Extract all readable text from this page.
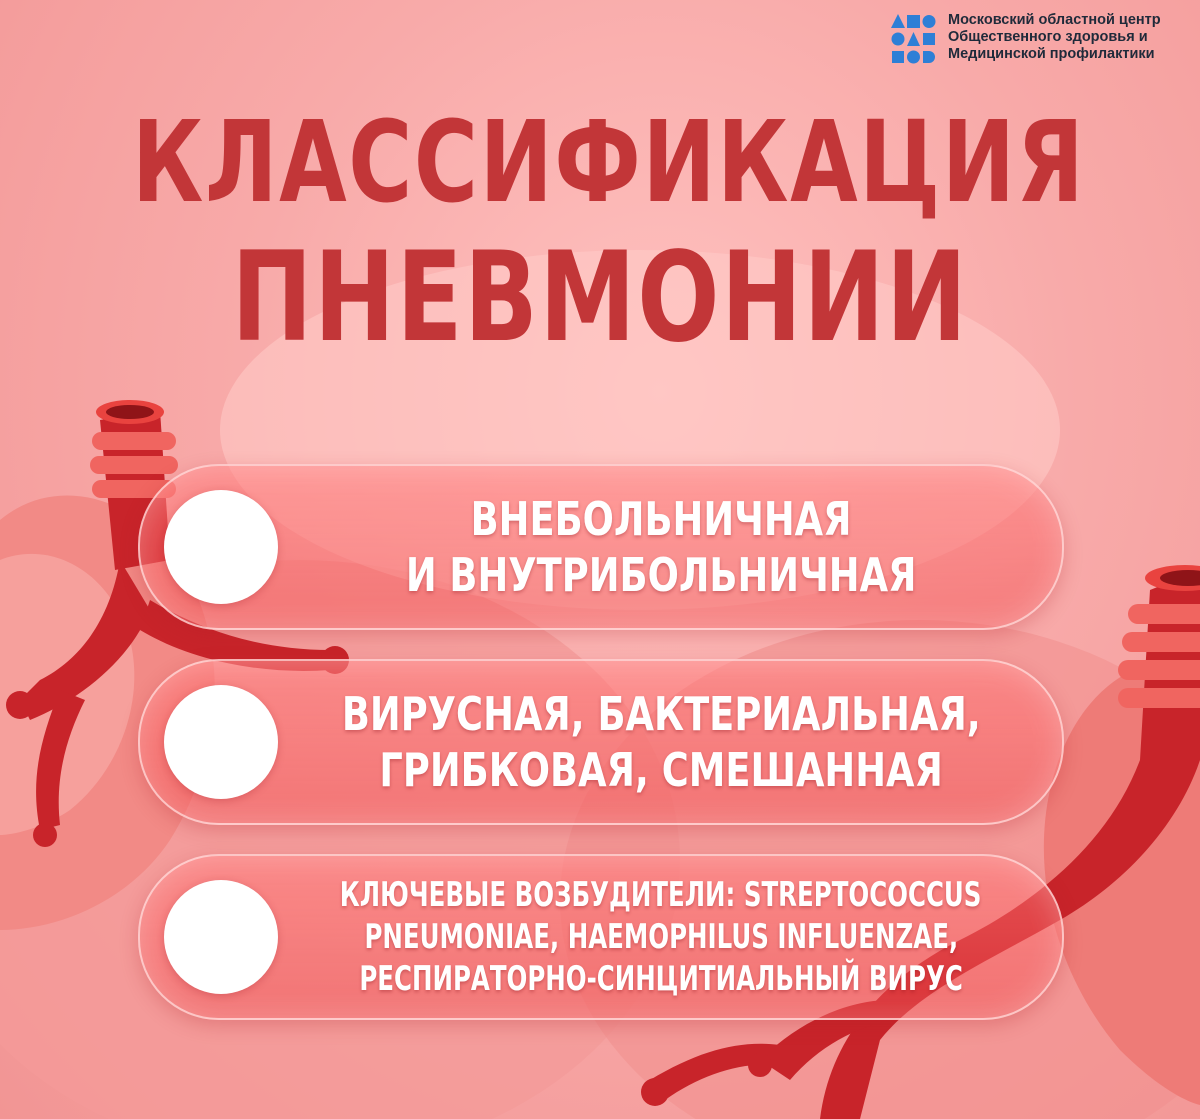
Московский областной центр
Общественного здоровья и
Медицинской профилактики
КЛАССИФИКАЦИЯ
ПНЕВМОНИИ
ВНЕБОЛЬНИЧНАЯ
И ВНУТРИБОЛЬНИЧНАЯ
ВИРУСНАЯ, БАКТЕРИАЛЬНАЯ,
ГРИБКОВАЯ, СМЕШАННАЯ
КЛЮЧЕВЫЕ ВОЗБУДИТЕЛИ: STREPTOCOCCUS
PNEUMONIAE, HAEMOPHILUS INFLUENZAE,
РЕСПИРАТОРНО-СИНЦИТИАЛЬНЫЙ ВИРУС
